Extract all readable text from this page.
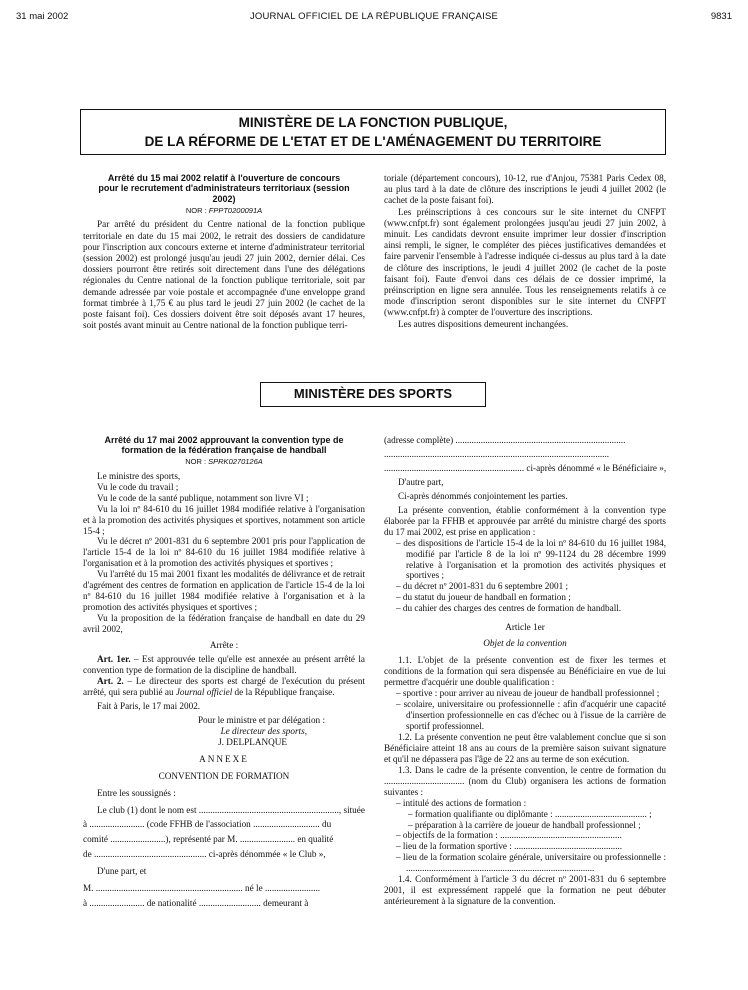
31 mai 2002	JOURNAL OFFICIEL DE LA RÉPUBLIQUE FRANÇAISE	9831
MINISTÈRE DE LA FONCTION PUBLIQUE,
DE LA RÉFORME DE L'ETAT ET DE L'AMÉNAGEMENT DU TERRITOIRE
Arrêté du 15 mai 2002 relatif à l'ouverture de concours pour le recrutement d'administrateurs territoriaux (session 2002)
NOR : FPPT0200091A

Par arrêté du président du Centre national de la fonction publique territoriale en date du 15 mai 2002, le retrait des dossiers de candidature pour l'inscription aux concours externe et interne d'administrateur territorial (session 2002) est prolongé jusqu'au jeudi 27 juin 2002, dernier délai. Ces dossiers pourront être retirés soit directement dans l'une des délégations régionales du Centre national de la fonction publique territoriale, soit par demande adressée par voie postale et accompagnée d'une enveloppe grand format timbrée à 1,75 € au plus tard le jeudi 27 juin 2002 (le cachet de la poste faisant foi). Ces dossiers doivent être soit déposés avant 17 heures, soit postés avant minuit au Centre national de la fonction publique terri-

toriale (département concours), 10-12, rue d'Anjou, 75381 Paris Cedex 08, au plus tard à la date de clôture des inscriptions le jeudi 4 juillet 2002 (le cachet de la poste faisant foi).

Les préinscriptions à ces concours sur le site internet du CNFPT (www.cnfpt.fr) sont également prolongées jusqu'au jeudi 27 juin 2002, à minuit. Les candidats devront ensuite imprimer leur dossier d'inscription ainsi rempli, le signer, le compléter des pièces justificatives demandées et faire parvenir l'ensemble à l'adresse indiquée ci-dessus au plus tard à la date de clôture des inscriptions, le jeudi 4 juillet 2002 (le cachet de la poste faisant foi). Faute d'envoi dans ces délais de ce dossier imprimé, la préinscription en ligne sera annulée. Tous les renseignements relatifs à ce mode d'inscription seront disponibles sur le site internet du CNFPT (www.cnfpt.fr) à compter de l'ouverture des inscriptions.

Les autres dispositions demeurent inchangées.

MINISTÈRE DES SPORTS
Arrêté du 17 mai 2002 approuvant la convention type de formation de la fédération française de handball
NOR : SPRK0270126A

Le ministre des sports,

Vu le code du travail ;

Vu le code de la santé publique, notamment son livre VI ;

Vu la loi nº 84-610 du 16 juillet 1984 modifiée relative à l'organisation et à la promotion des activités physiques et sportives, notamment son article 15-4 ;

Vu le décret nº 2001-831 du 6 septembre 2001 pris pour l'application de l'article 15-4 de la loi nº 84-610 du 16 juillet 1984 modifiée relative à l'organisation et à la promotion des activités physiques et sportives ;

Vu l'arrêté du 15 mai 2001 fixant les modalités de délivrance et de retrait d'agrément des centres de formation en application de l'article 15-4 de la loi nº 84-610 du 16 juillet 1984 modifiée relative à l'organisation et à la promotion des activités physiques et sportives ;

Vu la proposition de la fédération française de handball en date du 29 avril 2002,

Arrête :

Art. 1er. – Est approuvée telle qu'elle est annexée au présent arrêté la convention type de formation de la discipline de handball.

Art. 2. – Le directeur des sports est chargé de l'exécution du présent arrêté, qui sera publié au Journal officiel de la République française.

Fait à Paris, le 17 mai 2002.

Pour le ministre et par délégation :

Le directeur des sports,

J. DELPLANQUE

ANNEXE

CONVENTION DE FORMATION

Entre les soussignés :

Le club (1) dont le nom est ............................................................., située

à ........................ (code FFHB de l'association ............................. du

comité ........................), représenté par M. ........................ en qualité

de ................................................. ci-après dénommée « le Club »,

D'une part, et

M. ................................................................ né le ........................

à ........................ de nationalité ........................... demeurant à

(adresse complète) ..........................................................................

..................................................................................................

............................................................. ci-après dénommé « le Bénéficiaire »,

D'autre part,

Ci-après dénommés conjointement les parties.

La présente convention, établie conformément à la convention type élaborée par la FFHB et approuvée par arrêté du ministre chargé des sports du 17 mai 2002, est prise en application :

– des dispositions de l'article 15-4 de la loi nº 84-610 du 16 juillet 1984, modifié par l'article 8 de la loi nº 99-1124 du 28 décembre 1999 relative à l'organisation et la promotion des activités physiques et sportives ;

– du décret nº 2001-831 du 6 septembre 2001 ;

– du statut du joueur de handball en formation ;

– du cahier des charges des centres de formation de handball.

Article 1er

Objet de la convention

1.1. L'objet de la présente convention est de fixer les termes et conditions de la formation qui sera dispensée au Bénéficiaire en vue de lui permettre d'acquérir une double qualification :

– sportive : pour arriver au niveau de joueur de handball professionnel ;

– scolaire, universitaire ou professionnelle : afin d'acquérir une capacité d'insertion professionnelle en cas d'échec ou à l'issue de la carrière de sportif professionnel.

1.2. La présente convention ne peut être valablement conclue que si son Bénéficiaire atteint 18 ans au cours de la première saison suivant signature et qu'il ne dépassera pas l'âge de 22 ans au terme de son exécution.

1.3. Dans le cadre de la présente convention, le centre de formation du ................................... (nom du Club) organisera les actions de formation suivantes :

– intitulé des actions de formation :

– formation qualifiante ou diplômante : ........................................ ;

– préparation à la carrière de joueur de handball professionnel ;

– objectifs de la formation : .....................................................

– lieu de la formation sportive : ...............................................

– lieu de la formation scolaire générale, universitaire ou professionnelle : ..................................................................................

1.4. Conformément à l'article 3 du décret nº 2001-831 du 6 septembre 2001, il est expressément rappelé que la formation ne peut débuter antérieurement à la signature de la convention.
